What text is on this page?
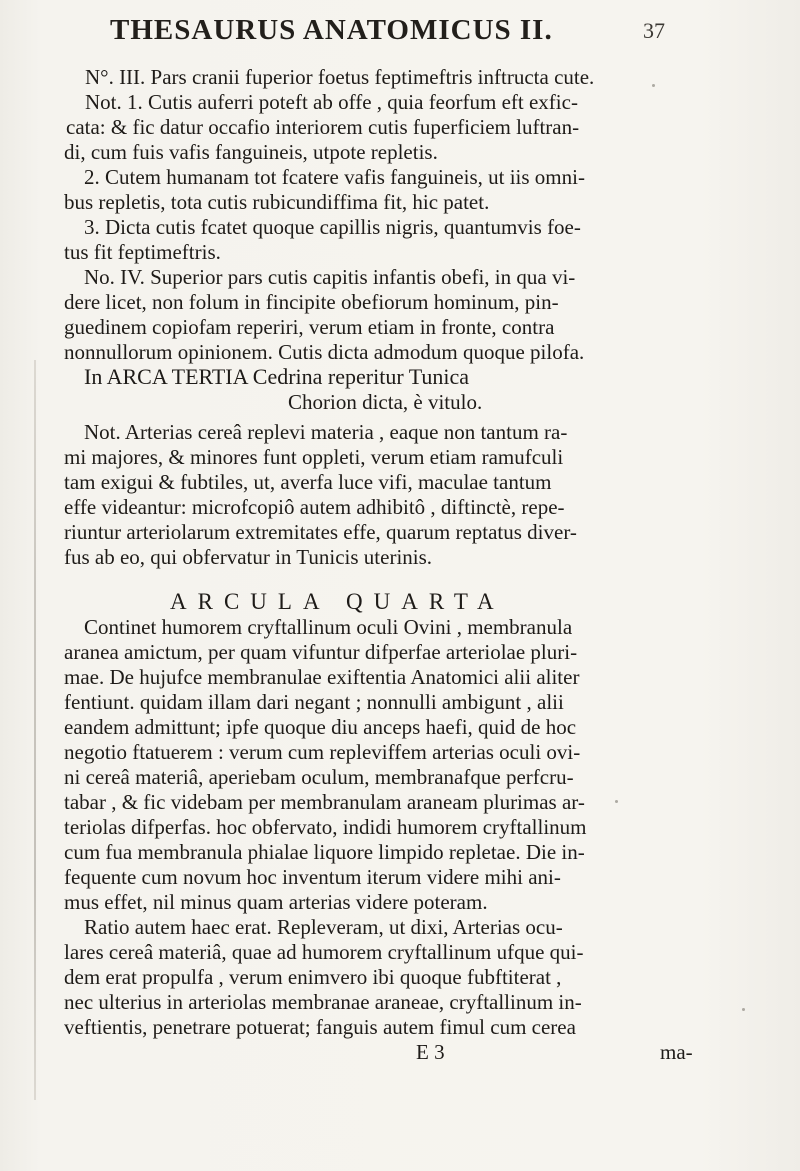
THESAURUS ANATOMICUS II.	37
N°. III. Pars cranii fuperior foetus feptimeftris inftructa cute.
Not. 1. Cutis auferri poteft ab offe , quia feorfum eft exfic-
cata: & fic datur occafio interiorem cutis fuperficiem luftran-
di, cum fuis vafis fanguineis, utpote repletis.
2. Cutem humanam tot fcatere vafis fanguineis, ut iis omni-
bus repletis, tota cutis rubicundiffima fit, hic patet.
3. Dicta cutis fcatet quoque capillis nigris, quantumvis foe-
tus fit feptimeftris.
No. IV. Superior pars cutis capitis infantis obefi, in qua vi-
dere licet, non folum in fincipite obefiorum hominum, pin-
guedinem copiofam reperiri, verum etiam in fronte, contra
nonnullorum opinionem. Cutis dicta admodum quoque pilofa.
In ARCA TERTIA Cedrina reperitur Tunica
Chorion dicta, è vitulo.
Not. Arterias cereâ replevi materia , eaque non tantum ra-
mi majores, & minores funt oppleti, verum etiam ramufculi
tam exigui & fubtiles, ut, averfa luce vifi, maculae tantum
effe videantur: microfcopiô autem adhibitô , diftinctè, repe-
riuntur arteriolarum extremitates effe, quarum reptatus diver-
fus ab eo, qui obfervatur in Tunicis uterinis.
ARCULA QUARTA
Continet humorem cryftallinum oculi Ovini , membranula
aranea amictum, per quam vifuntur difperfae arteriolae pluri-
mae. De hujufce membranulae exiftentia Anatomici alii aliter
fentiunt. quidam illam dari negant ; nonnulli ambigunt , alii
eandem admittunt; ipfe quoque diu anceps haefi, quid de hoc
negotio ftatuerem : verum cum repleviffem arterias oculi ovi-
ni cereâ materiâ, aperiebam oculum, membranafque perfcru-
tabar , & fic videbam per membranulam araneam plurimas ar-
teriolas difperfas. hoc obfervato, indidi humorem cryftallinum
cum fua membranula phialae liquore limpido repletae. Die in-
fequente cum novum hoc inventum iterum videre mihi ani-
mus effet, nil minus quam arterias videre poteram.
Ratio autem haec erat. Repleveram, ut dixi, Arterias ocu-
lares cereâ materiâ, quae ad humorem cryftallinum ufque qui-
dem erat propulfa , verum enimvero ibi quoque fubftiterat ,
nec ulterius in arteriolas membranae araneae, cryftallinum in-
veftientis, penetrare potuerat; fanguis autem fimul cum cerea
E 3	ma-
